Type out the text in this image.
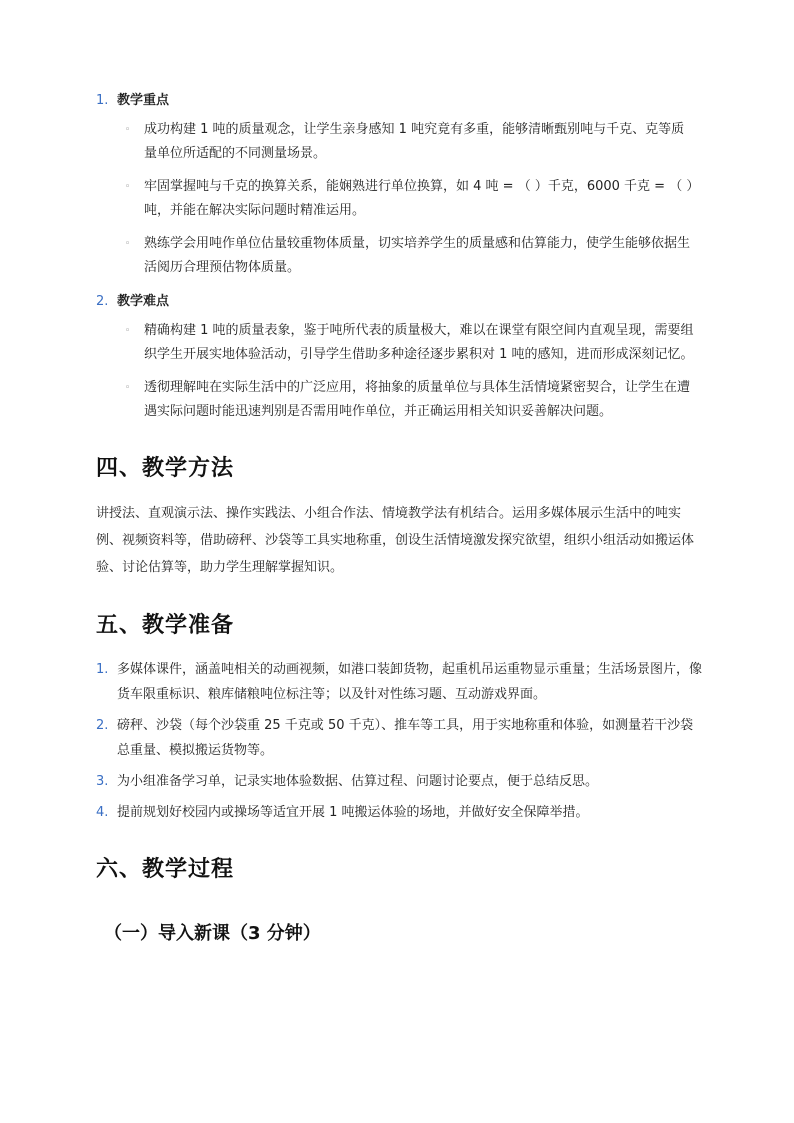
1. 教学重点
◦ 成功构建 1 吨的质量观念，让学生亲身感知 1 吨究竟有多重，能够清晰甄别吨与千克、克等质量单位所适配的不同测量场景。
◦ 牢固掌握吨与千克的换算关系，能娴熟进行单位换算，如 4 吨 = （ ）千克，6000 千克 = （ ）吨，并能在解决实际问题时精准运用。
◦ 熟练学会用吨作单位估量较重物体质量，切实培养学生的质量感和估算能力，使学生能够依据生活阅历合理预估物体质量。
2. 教学难点
◦ 精确构建 1 吨的质量表象，鉴于吨所代表的质量极大，难以在课堂有限空间内直观呈现，需要组织学生开展实地体验活动，引导学生借助多种途径逐步累积对 1 吨的感知，进而形成深刻记忆。
◦ 透彻理解吨在实际生活中的广泛应用，将抽象的质量单位与具体生活情境紧密契合，让学生在遭遇实际问题时能迅速判别是否需用吨作单位，并正确运用相关知识妥善解决问题。
四、教学方法

讲授法、直观演示法、操作实践法、小组合作法、情境教学法有机结合。运用多媒体展示生活中的吨实例、视频资料等，借助磅秤、沙袋等工具实地称重，创设生活情境激发探究欲望，组织小组活动如搬运体验、讨论估算等，助力学生理解掌握知识。

五、教学准备
1. 多媒体课件，涵盖吨相关的动画视频，如港口装卸货物，起重机吊运重物显示重量；生活场景图片，像货车限重标识、粮库储粮吨位标注等；以及针对性练习题、互动游戏界面。
2. 磅秤、沙袋（每个沙袋重 25 千克或 50 千克）、推车等工具，用于实地称重和体验，如测量若干沙袋总重量、模拟搬运货物等。
3. 为小组准备学习单，记录实地体验数据、估算过程、问题讨论要点，便于总结反思。
4. 提前规划好校园内或操场等适宜开展 1 吨搬运体验的场地，并做好安全保障举措。
六、教学过程
（一）导入新课（3 分钟）
